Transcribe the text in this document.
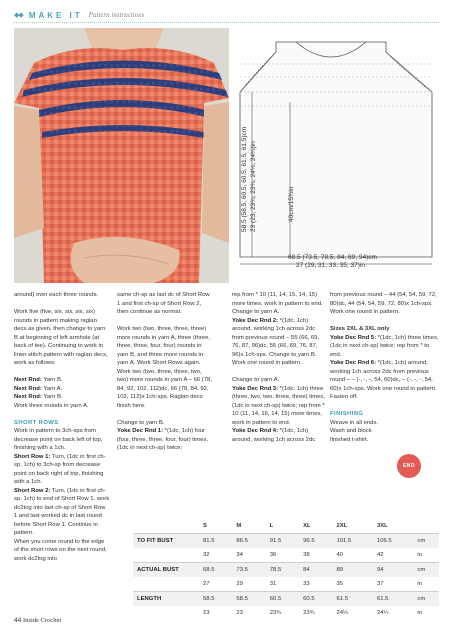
◆◆ MAKE IT Pattern instructions
58.5 (58.5, 60.5, 60.5, 61.5, 61.5)cm 23 (23, 23¾, 23¾, 24¼, 24¼)in	40cm/15¾in
68.5 (73.5, 78.5, 84, 89, 94)cm
27 (29, 31, 33, 35, 37)in

around) over each three rounds.

Work five (five, six, six, six, six) rounds in pattern making raglan decs as given, then change to yarn B at beginning of left armhole (at back of tee). Continuing to work in linen stitch pattern with raglan decs, work as follows:

Next Rnd: Yarn B.
Next Rnd: Yarn A.
Next Rnd: Yarn B.

Work three rounds in yarn A.

SHORT ROWS
Work in pattern to 3ch-sps from decrease point on back left of top, finishing with a 1ch.
Short Row 1: Turn, (1dc in first ch-sp, 1ch) to 3ch-sp from decrease point on back right of top, finishing with a 1ch.
Short Row 2: Turn, (1dc in first ch-sp, 1ch) to end of Short Row 1, work dc2tog into last ch-sp of Short Row 1 and last worked dc in last round before Short Row 1. Continue in pattern.
When you come round to the edge of the short rows on the next round, work dc2tog into

same ch-sp as last dc of Short Row 1 and first ch-sp of Short Row 2, then continue as normal.

Work two (two, three, three, three) more rounds in yarn A, three (three, three, three, four, four) rounds in yarn B, and three more rounds in yarn A. Work Short Rows again. Work two (two, three, three, two, two) more rounds in yarn A – 66 (78, 84, 92, 102, 112)dc, 66 (78, 84, 92, 102, 112)x 1ch-sps. Raglan decs finish here.

Change to yarn B.
Yoke Dec Rnd 1: *(1dc, 1ch) four (four, three, three, four, four) times, (1dc in next ch-sp) twice;
rep from * 10 (11, 14, 15, 14, 15) more times, work in pattern to end. Change to yarn A.

Yoke Dec Rnd 2: *(1dc, 1ch) around, working 1ch across 2dc from previous round – 55 (66, 69, 76, 87, 96)dc, 55 (66, 69, 76, 87, 96)x 1ch-sps. Change to yarn B. Work one round in pattern.

Change to yarn A.
Yoke Dec Rnd 3: *(1dc, 1ch) three (three, two, two, three, three) times, (1dc in next ch-sp) twice; rep from * 10 (11, 14, 16, 14, 15) more times, work in pattern to end.
Yoke Dec Rnd 4: *(1dc, 1ch) around, working 1ch across 2dc

from previous round – 44 (54, 54, 59, 72, 80)dc, 44 (54, 54, 59, 72, 80)x 1ch-sps. Work one round in pattern.

Sizes 2XL & 3XL only
Yoke Dec Rnd 5: *(1dc, 1ch) three times, (1dc in next ch-sp) twice; rep from * to end.

Yoke Dec Rnd 6: *(1dc, 1ch) around, working 1ch across 2dc from previous round – – (-, -, -, 54, 60)dc, – (-, -, -, 54, 60)x 1ch-sps. Work one round in pattern. Fasten off.

FINISHING
Weave in all ends. Wash and block finished t-shirt.
END
	S	M	L	XL	2XL	3XL	
TO FIT BUST	81.5	86.5	91.5	96.5	101.5	106.5	cm
	32	34	36	38	40	42	in
ACTUAL BUST	68.5	73.5	78.5	84	89	94	cm
	27	29	31	33	35	37	in
LENGTH	58.5	58.5	60.5	60.5	61.5	61.5	cm
	23	23	23¾	23¾	24¼	24¼	in
44 Inside Crochet
